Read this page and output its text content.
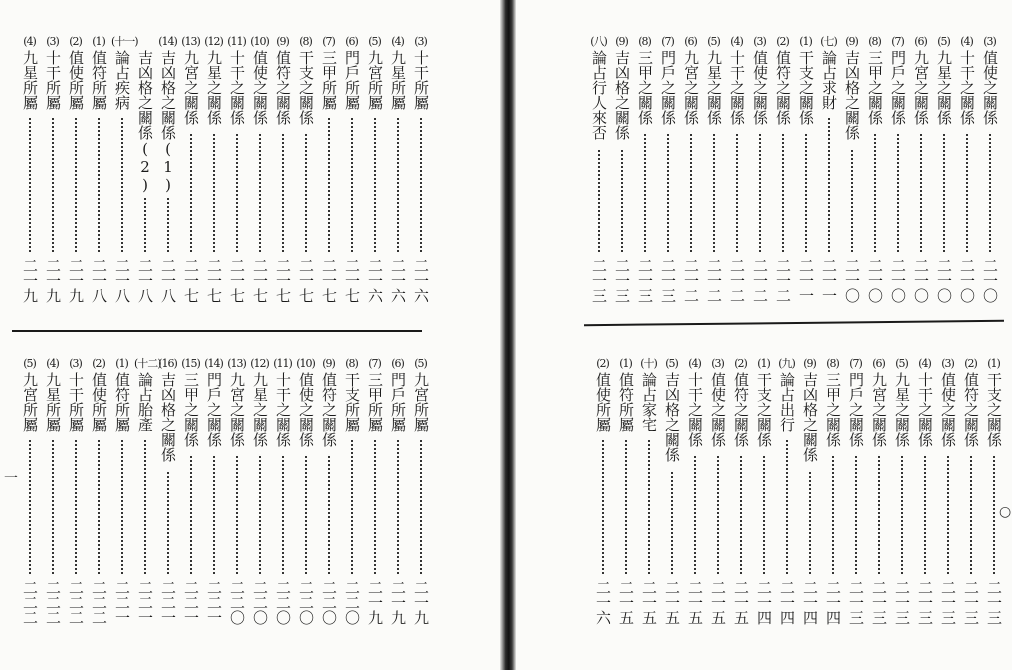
(3)
十干所屬
二一六
(4)
九星所屬
二一六
(5)
九宮所屬
二一六
(6)
門戶所屬
二一七
(7)
三甲所屬
二一七
(8)
干支之關係
二一七
(9)
值符之關係
二一七
(10)
值使之關係
二一七
(11)
十干之關係
二一七
(12)
九星之關係
二一七
(13)
九宮之關係
二一七
(14)
吉凶格之關係(1)
二一八
吉凶格之關係(2)
二一八
(十一)
論占疾病
二一八
(1)
值符所屬
二一八
(2)
值使所屬
二一九
(3)
十干所屬
二一九
(4)
九星所屬
二一九
(5)
九宮所屬
二一九
(6)
門戶所屬
二一九
(7)
三甲所屬
二一九
(8)
干支所屬
二二〇
(9)
值符之關係
二二〇
(10)
值使之關係
二二〇
(11)
十干之關係
二二〇
(12)
九星之關係
二二〇
(13)
九宮之關係
二二〇
(14)
門戶之關係
二二一
(15)
三甲之關係
二二一
(16)
吉凶格之關係
二二一
(十二)
論占胎產
二二一
(1)
值符所屬
二二一
(2)
值使所屬
二二二
(3)
十干所屬
二二二
(4)
九星所屬
二二二
(5)
九宮所屬
二二二
一
(3)
值使之關係
二一〇
(4)
十干之關係
二一〇
(5)
九星之關係
二一〇
(6)
九宮之關係
二一〇
(7)
門戶之關係
二一〇
(8)
三甲之關係
二一〇
(9)
吉凶格之關係
二一〇
(七)
論占求財
二一一
(1)
干支之關係
二一一
(2)
值符之關係
二一二
(3)
值使之關係
二一二
(4)
十干之關係
二一二
(5)
九星之關係
二一二
(6)
九宮之關係
二一二
(7)
門戶之關係
二一三
(8)
三甲之關係
二一三
(9)
吉凶格之關係
二一三
(八)
論占行人來否
二一三
(1)
干支之關係
二一三
(2)
值符之關係
二一三
(3)
值使之關係
二一三
(4)
十干之關係
二一三
(5)
九星之關係
二一三
(6)
九宮之關係
二一三
(7)
門戶之關係
二一三
(8)
三甲之關係
二一四
(9)
吉凶格之關係
二一四
(九)
論占出行
二一四
(1)
干支之關係
二一四
(2)
值符之關係
二一五
(3)
值使之關係
二一五
(4)
十干之關係
二一五
(5)
吉凶格之關係
二一五
(十)
論占家宅
二一五
(1)
值符所屬
二一五
(2)
值使所屬
二一六
○
